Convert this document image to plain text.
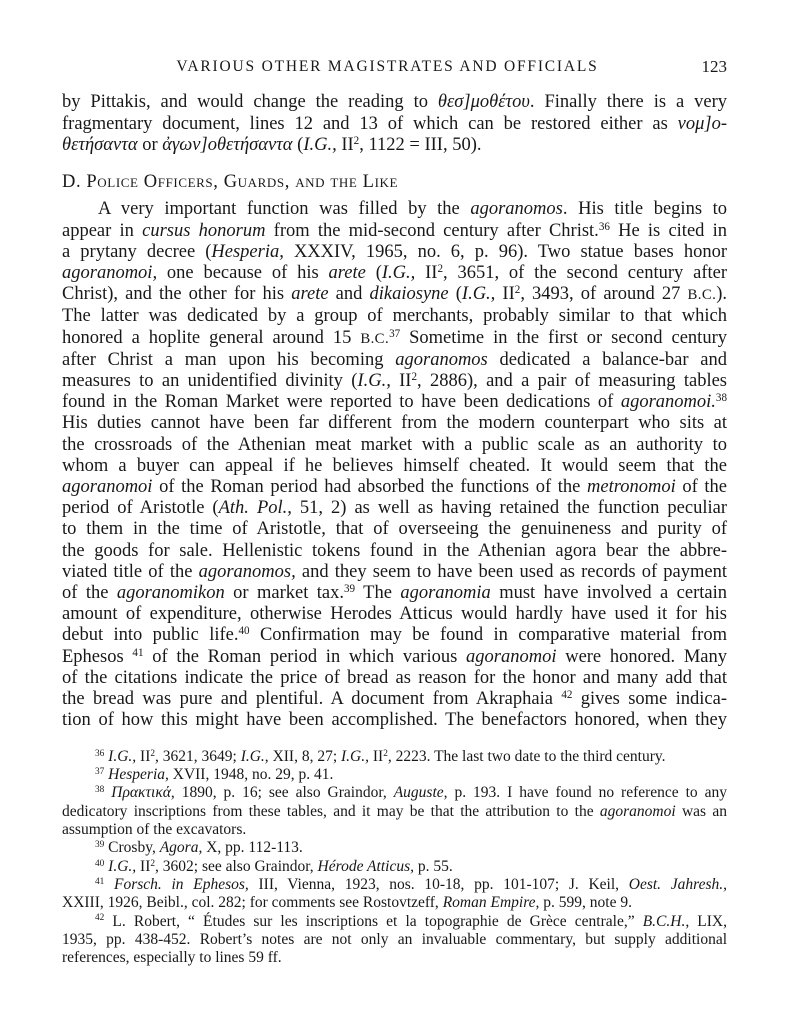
VARIOUS OTHER MAGISTRATES AND OFFICIALS	123
by Pittakis, and would change the reading to θεσ]μοθέτου. Finally there is a very
fragmentary document, lines 12 and 13 of which can be restored either as νομ]ο-
θετήσαντα or ἀγων]οθετήσαντα (I.G., $II^2$, 1122 = III, 50).
D. Police Officers, Guards, and the Like
A very important function was filled by the agoranomos. His title begins to
appear in cursus honorum from the mid-second century after Christ.$^{36}$ He is cited in
a prytany decree (Hesperia, XXXIV, 1965, no. 6, p. 96). Two statue bases honor
agoranomoi, one because of his arete (I.G., $II^2$, 3651, of the second century after
Christ), and the other for his arete and dikaiosyne (I.G., $II^2$, 3493, of around 27 B.C.).
The latter was dedicated by a group of merchants, probably similar to that which
honored a hoplite general around 15 B.C.$^{37}$ Sometime in the first or second century
after Christ a man upon his becoming agoranomos dedicated a balance-bar and
measures to an unidentified divinity (I.G., $II^2$, 2886), and a pair of measuring tables
found in the Roman Market were reported to have been dedications of agoranomoi.$^{38}$
His duties cannot have been far different from the modern counterpart who sits at
the crossroads of the Athenian meat market with a public scale as an authority to
whom a buyer can appeal if he believes himself cheated. It would seem that the
agoranomoi of the Roman period had absorbed the functions of the metronomoi of the
period of Aristotle (Ath. Pol., 51, 2) as well as having retained the function peculiar
to them in the time of Aristotle, that of overseeing the genuineness and purity of
the goods for sale. Hellenistic tokens found in the Athenian agora bear the abbre-
viated title of the agoranomos, and they seem to have been used as records of payment
of the agoranomikon or market tax.$^{39}$ The agoranomia must have involved a certain
amount of expenditure, otherwise Herodes Atticus would hardly have used it for his
debut into public life.$^{40}$ Confirmation may be found in comparative material from
Ephesos $^{41}$ of the Roman period in which various agoranomoi were honored. Many
of the citations indicate the price of bread as reason for the honor and many add that
the bread was pure and plentiful. A document from Akraphaia $^{42}$ gives some indica-
tion of how this might have been accomplished. The benefactors honored, when they
$^{36}$ I.G., $II^2$, 3621, 3649; I.G., XII, 8, 27; I.G., $II^2$, 2223. The last two date to the third century.
$^{37}$ Hesperia, XVII, 1948, no. 29, p. 41.
$^{38}$ Πρακτικά, 1890, p. 16; see also Graindor, Auguste, p. 193. I have found no reference to any
dedicatory inscriptions from these tables, and it may be that the attribution to the agoranomoi was an
assumption of the excavators.
$^{39}$ Crosby, Agora, X, pp. 112-113.
$^{40}$ I.G., $II^2$, 3602; see also Graindor, Hérode Atticus, p. 55.
$^{41}$ Forsch. in Ephesos, III, Vienna, 1923, nos. 10-18, pp. 101-107; J. Keil, Oest. Jahresh.,
XXIII, 1926, Beibl., col. 282; for comments see Rostovtzeff, Roman Empire, p. 599, note 9.
$^{42}$ L. Robert, “ Études sur les inscriptions et la topographie de Grèce centrale,” B.C.H., LIX,
1935, pp. 438-452. Robert’s notes are not only an invaluable commentary, but supply additional
references, especially to lines 59 ff.
